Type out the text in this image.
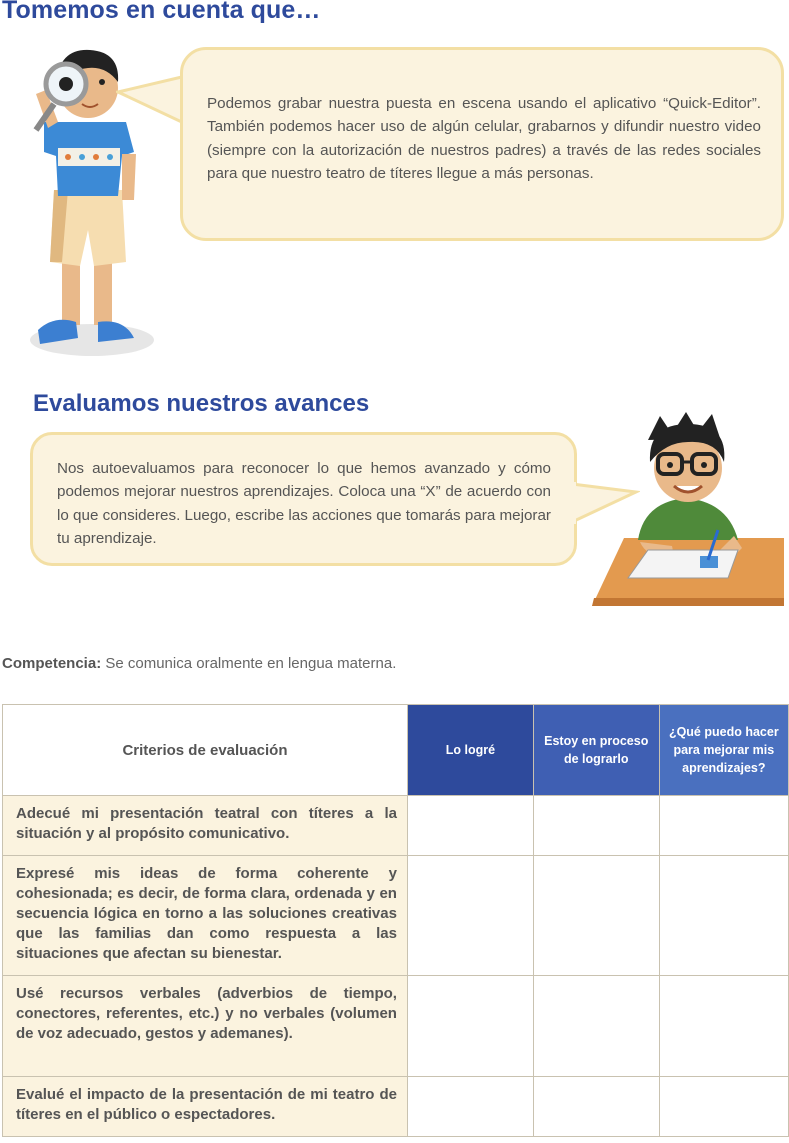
Tomemos en cuenta que…

Podemos grabar nuestra puesta en escena usando el aplicativo “Quick-Editor”. También podemos hacer uso de algún celular, grabarnos y difundir nuestro video (siempre con la autorización de nuestros padres) a través de las redes sociales para que nuestro teatro de títeres llegue a más personas.

Evaluamos nuestros avances

Nos autoevaluamos para reconocer lo que hemos avanzado y cómo podemos mejorar nuestros aprendizajes. Coloca una “X” de acuerdo con lo que consideres. Luego, escribe las acciones que tomarás para mejorar tu aprendizaje.

Competencia: Se comunica oralmente en lengua materna.

Criterios de evaluación	Lo logré	Estoy en proceso de lograrlo	¿Qué puedo hacer para mejorar mis aprendizajes?
Adecué mi presentación teatral con títeres a la situación y al propósito comunicativo.			
Expresé mis ideas de forma coherente y cohesionada; es decir, de forma clara, ordenada y en secuencia lógica en torno a las soluciones creativas que las familias dan como respuesta a las situaciones que afectan su bienestar.			
Usé recursos verbales (adverbios de tiempo, conectores, referentes, etc.) y no verbales (volumen de voz adecuado, gestos y ademanes).			
Evalué el impacto de la presentación de mi teatro de títeres en el público o espectadores.			
